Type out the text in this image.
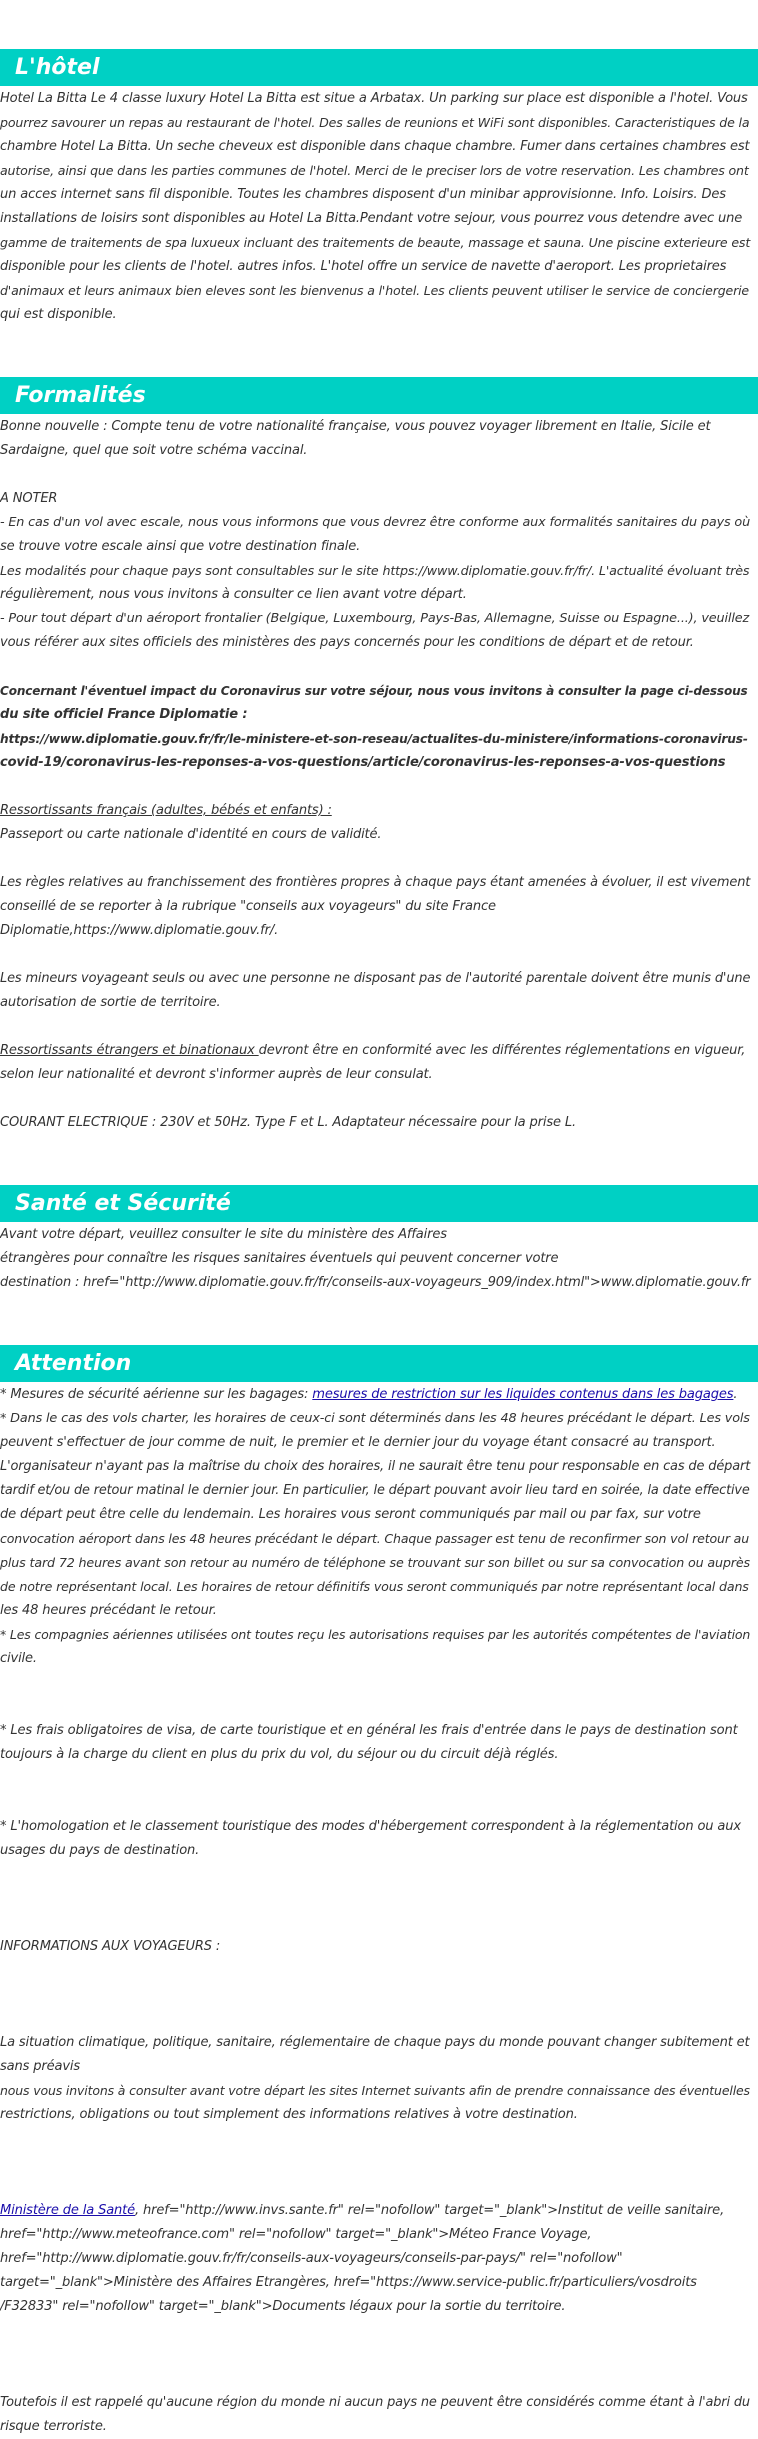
L'hôtel
Hotel La Bitta Le 4 classe luxury Hotel La Bitta est situe a Arbatax. Un parking sur place est disponible a l'hotel. Vous
pourrez savourer un repas au restaurant de l'hotel. Des salles de reunions et WiFi sont disponibles. Caracteristiques de la
chambre Hotel La Bitta. Un seche cheveux est disponible dans chaque chambre. Fumer dans certaines chambres est
autorise, ainsi que dans les parties communes de l'hotel. Merci de le preciser lors de votre reservation. Les chambres ont
un acces internet sans fil disponible. Toutes les chambres disposent d'un minibar approvisionne. Info. Loisirs. Des
installations de loisirs sont disponibles au Hotel La Bitta.Pendant votre sejour, vous pourrez vous detendre avec une
gamme de traitements de spa luxueux incluant des traitements de beaute, massage et sauna. Une piscine exterieure est
disponible pour les clients de l'hotel. autres infos. L'hotel offre un service de navette d'aeroport. Les proprietaires
d'animaux et leurs animaux bien eleves sont les bienvenus a l'hotel. Les clients peuvent utiliser le service de conciergerie
qui est disponible.
Formalités
Bonne nouvelle : Compte tenu de votre nationalité française, vous pouvez voyager librement en Italie, Sicile et
Sardaigne, quel que soit votre schéma vaccinal.
A NOTER
- En cas d'un vol avec escale, nous vous informons que vous devrez être conforme aux formalités sanitaires du pays où
se trouve votre escale ainsi que votre destination finale.
Les modalités pour chaque pays sont consultables sur le site https://www.diplomatie.gouv.fr/fr/. L'actualité évoluant très
régulièrement, nous vous invitons à consulter ce lien avant votre départ.
- Pour tout départ d'un aéroport frontalier (Belgique, Luxembourg, Pays-Bas, Allemagne, Suisse ou Espagne...), veuillez
vous référer aux sites officiels des ministères des pays concernés pour les conditions de départ et de retour.
Concernant l'éventuel impact du Coronavirus sur votre séjour, nous vous invitons à consulter la page ci-dessous
du site officiel France Diplomatie :
https://www.diplomatie.gouv.fr/fr/le-ministere-et-son-reseau/actualites-du-ministere/informations-coronavirus-
covid-19/coronavirus-les-reponses-a-vos-questions/article/coronavirus-les-reponses-a-vos-questions
Ressortissants français (adultes, bébés et enfants) :
Passeport ou carte nationale d'identité en cours de validité.
Les règles relatives au franchissement des frontières propres à chaque pays étant amenées à évoluer, il est vivement
conseillé de se reporter à la rubrique "conseils aux voyageurs" du site France
Diplomatie,https://www.diplomatie.gouv.fr/.
Les mineurs voyageant seuls ou avec une personne ne disposant pas de l'autorité parentale doivent être munis d'une
autorisation de sortie de territoire.
Ressortissants étrangers et binationaux devront être en conformité avec les différentes réglementations en vigueur,
selon leur nationalité et devront s'informer auprès de leur consulat.
COURANT ELECTRIQUE : 230V et 50Hz. Type F et L. Adaptateur nécessaire pour la prise L.
Santé et Sécurité
Avant votre départ, veuillez consulter le site du ministère des Affaires
étrangères pour connaître les risques sanitaires éventuels qui peuvent concerner votre
destination : href="http://www.diplomatie.gouv.fr/fr/conseils-aux-voyageurs_909/index.html">www.diplomatie.gouv.fr
Attention
* Mesures de sécurité aérienne sur les bagages: mesures de restriction sur les liquides contenus dans les bagages.
* Dans le cas des vols charter, les horaires de ceux-ci sont déterminés dans les 48 heures précédant le départ. Les vols
peuvent s'effectuer de jour comme de nuit, le premier et le dernier jour du voyage étant consacré au transport.
L'organisateur n'ayant pas la maîtrise du choix des horaires, il ne saurait être tenu pour responsable en cas de départ
tardif et/ou de retour matinal le dernier jour. En particulier, le départ pouvant avoir lieu tard en soirée, la date effective
de départ peut être celle du lendemain. Les horaires vous seront communiqués par mail ou par fax, sur votre
convocation aéroport dans les 48 heures précédant le départ. Chaque passager est tenu de reconfirmer son vol retour au
plus tard 72 heures avant son retour au numéro de téléphone se trouvant sur son billet ou sur sa convocation ou auprès
de notre représentant local. Les horaires de retour définitifs vous seront communiqués par notre représentant local dans
les 48 heures précédant le retour.
* Les compagnies aériennes utilisées ont toutes reçu les autorisations requises par les autorités compétentes de l'aviation
civile.
* Les frais obligatoires de visa, de carte touristique et en général les frais d'entrée dans le pays de destination sont
toujours à la charge du client en plus du prix du vol, du séjour ou du circuit déjà réglés.
* L'homologation et le classement touristique des modes d'hébergement correspondent à la réglementation ou aux
usages du pays de destination.
INFORMATIONS AUX VOYAGEURS :
La situation climatique, politique, sanitaire, réglementaire de chaque pays du monde pouvant changer subitement et
sans préavis
nous vous invitons à consulter avant votre départ les sites Internet suivants afin de prendre connaissance des éventuelles
restrictions, obligations ou tout simplement des informations relatives à votre destination.
Ministère de la Santé, href="http://www.invs.sante.fr" rel="nofollow" target="_blank">Institut de veille sanitaire,
href="http://www.meteofrance.com" rel="nofollow" target="_blank">Méteo France Voyage,
href="http://www.diplomatie.gouv.fr/fr/conseils-aux-voyageurs/conseils-par-pays/" rel="nofollow"
target="_blank">Ministère des Affaires Etrangères, href="https://www.service-public.fr/particuliers/vosdroits
/F32833" rel="nofollow" target="_blank">Documents légaux pour la sortie du territoire.
Toutefois il est rappelé qu'aucune région du monde ni aucun pays ne peuvent être considérés comme étant à l'abri du
risque terroriste.
